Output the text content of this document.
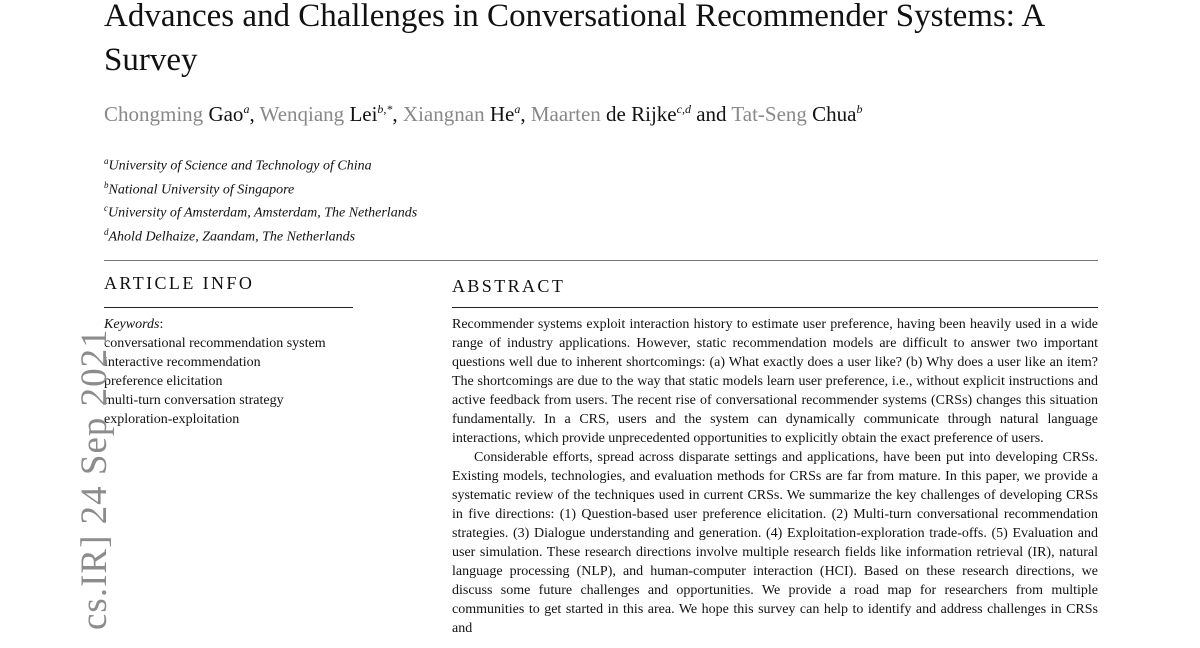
Advances and Challenges in Conversational Recommender Systems: A Survey
Chongming Gao$^a$, Wenqiang Lei$^{b,*}$, Xiangnan He$^a$, Maarten de Rijke$^{c,d}$ and Tat-Seng Chua$^b$
$^a$University of Science and Technology of China
$^b$National University of Singapore
$^c$University of Amsterdam, Amsterdam, The Netherlands
$^d$Ahold Delhaize, Zaandam, The Netherlands
ARTICLE INFO	ABSTRACT
Keywords:
conversational recommendation system
interactive recommendation
preference elicitation
multi-turn conversation strategy
exploration-exploitation

Recommender systems exploit interaction history to estimate user preference, having been heavily used in a wide range of industry applications. However, static recommendation models are difficult to answer two important questions well due to inherent shortcomings: (a) What exactly does a user like? (b) Why does a user like an item? The shortcomings are due to the way that static models learn user preference, i.e., without explicit instructions and active feedback from users. The recent rise of conversational recommender systems (CRSs) changes this situation fundamentally. In a CRS, users and the system can dynamically communicate through natural language interactions, which provide unprecedented opportunities to explicitly obtain the exact preference of users.

Considerable efforts, spread across disparate settings and applications, have been put into developing CRSs. Existing models, technologies, and evaluation methods for CRSs are far from mature. In this paper, we provide a systematic review of the techniques used in current CRSs. We summarize the key challenges of developing CRSs in five directions: (1) Question-based user preference elicitation. (2) Multi-turn conversational recommendation strategies. (3) Dialogue understanding and generation. (4) Exploitation-exploration trade-offs. (5) Evaluation and user simulation. These research directions involve multiple research fields like information retrieval (IR), natural language processing (NLP), and human-computer interaction (HCI). Based on these research directions, we discuss some future challenges and opportunities. We provide a road map for researchers from multiple communities to get started in this area. We hope this survey can help to identify and address challenges in CRSs and

cs.IR] 24 Sep 2021
